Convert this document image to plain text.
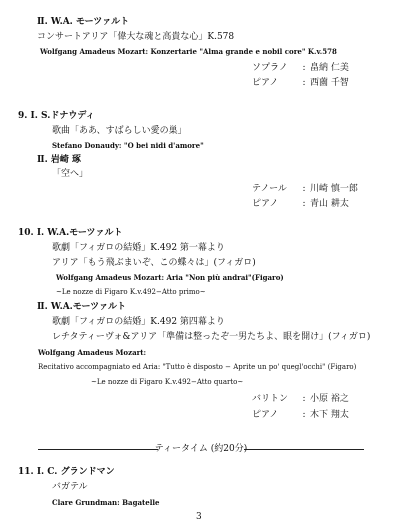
Ⅱ. W.A. モーツァルト
コンサートアリア「偉大な魂と高貴な心」K.578
Wolfgang Amadeus Mozart: Konzertarie "Alma grande e nobil core" K.v.578
ソプラノ	: 畠納 仁美
ピアノ	: 西薗 千智
9. Ⅰ. S.ドナウディ
歌曲「ああ、すばらしい愛の巣」
Stefano Donaudy: "O bei nidi d'amore"
Ⅱ. 岩崎 琢
「空へ」
テノール	: 川崎 慎一郎
ピアノ	: 青山 耕太
10. Ⅰ. W.A.モーツァルト
歌劇「フィガロの結婚」K.492 第一幕より
アリア「もう飛ぶまいぞ、この蝶々は」(フィガロ)
Wolfgang Amadeus Mozart: Aria "Non più andrai"(Figaro)
~Le nozze di Figaro K.v.492−Atto primo~
Ⅱ. W.A.モーツァルト
歌劇「フィガロの結婚」K.492 第四幕より
レチタティーヴォ&アリア「準備は整ったぞ一男たちよ、眼を開け」(フィガロ)
Wolfgang Amadeus Mozart:
Recitativo accompagniato ed Aria: "Tutto è disposto − Aprite un po' quegl'occhi" (Figaro)
~Le nozze di Figaro K.v.492−Atto quarto~
バリトン	: 小原 裕之
ピアノ	: 木下 翔太
ティータイム (約20分)
11. Ⅰ. C. グランドマン
バガテル
Clare Grundman: Bagatelle
3
